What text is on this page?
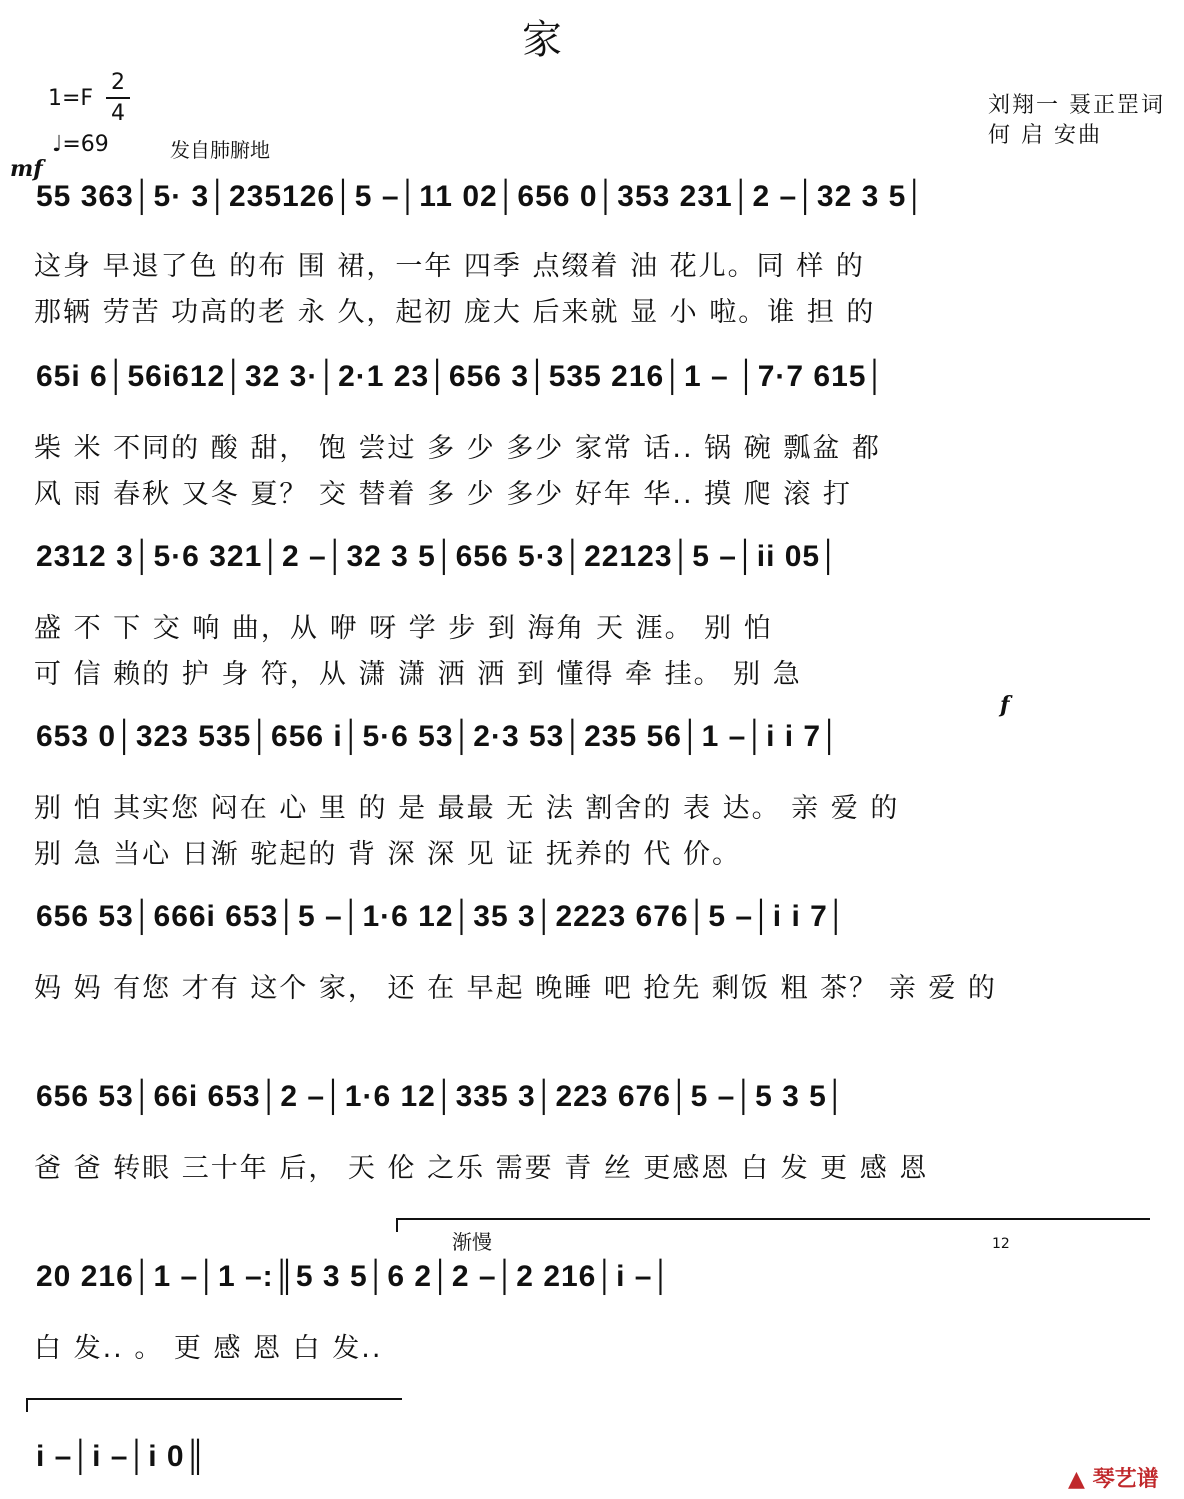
家
刘翔一 聂正罡词
何 启 安曲
1=F
2
4
♩=69	发自肺腑地
mf
55 363│5· 3│235126│5 –│11 02│656 0│353 231│2 –│32 3 5│
这身 早退了色 的布 围 裙，一年 四季 点缀着 油 花儿。同 样 的
那辆 劳苦 功高的老 永 久，起初 庞大 后来就 显 小 啦。谁 担 的
65i 6│56i612│32 3·│2·1 23│656 3│535 216│1 – │7·7 615│
柴 米 不同的 酸 甜， 饱 尝过 多 少 多少 家常 话.. 锅 碗 瓢盆 都
风 雨 春秋 又冬 夏？ 交 替着 多 少 多少 好年 华.. 摸 爬 滚 打
2312 3│5·6 321│2 –│32 3 5│656 5·3│22123│5 –│ii 05│
盛 不 下 交 响 曲，从 咿 呀 学 步 到 海角 天 涯。 别 怕
可 信 赖的 护 身 符，从 潇 潇 洒 洒 到 懂得 牵 挂。 别 急
f
653 0│323 535│656 i│5·6 53│2·3 53│235 56│1 –│i i 7│
别 怕 其实您 闷在 心 里 的 是 最最 无 法 割舍的 表 达。 亲 爱 的
别 急 当心 日渐 驼起的 背 深 深 见 证 抚养的 代 价。
656 53│666i 653│5 –│1·6 12│35 3│2223 676│5 –│i i 7│
妈 妈 有您 才有 这个 家， 还 在 早起 晚睡 吧 抢先 剩饭 粗 茶？ 亲 爱 的
656 53│66i 653│2 –│1·6 12│335 3│223 676│5 –│5 3 5│
爸 爸 转眼 三十年 后， 天 伦 之乐 需要 青 丝 更感恩 白 发 更 感 恩
渐慢	12
20 216│1 –│1 –:║5 3 5│6 2│2 –│2 216│i –│
白 发.. 。 更 感 恩 白 发..
i –│i –│i 0║
▲ 琴艺谱
